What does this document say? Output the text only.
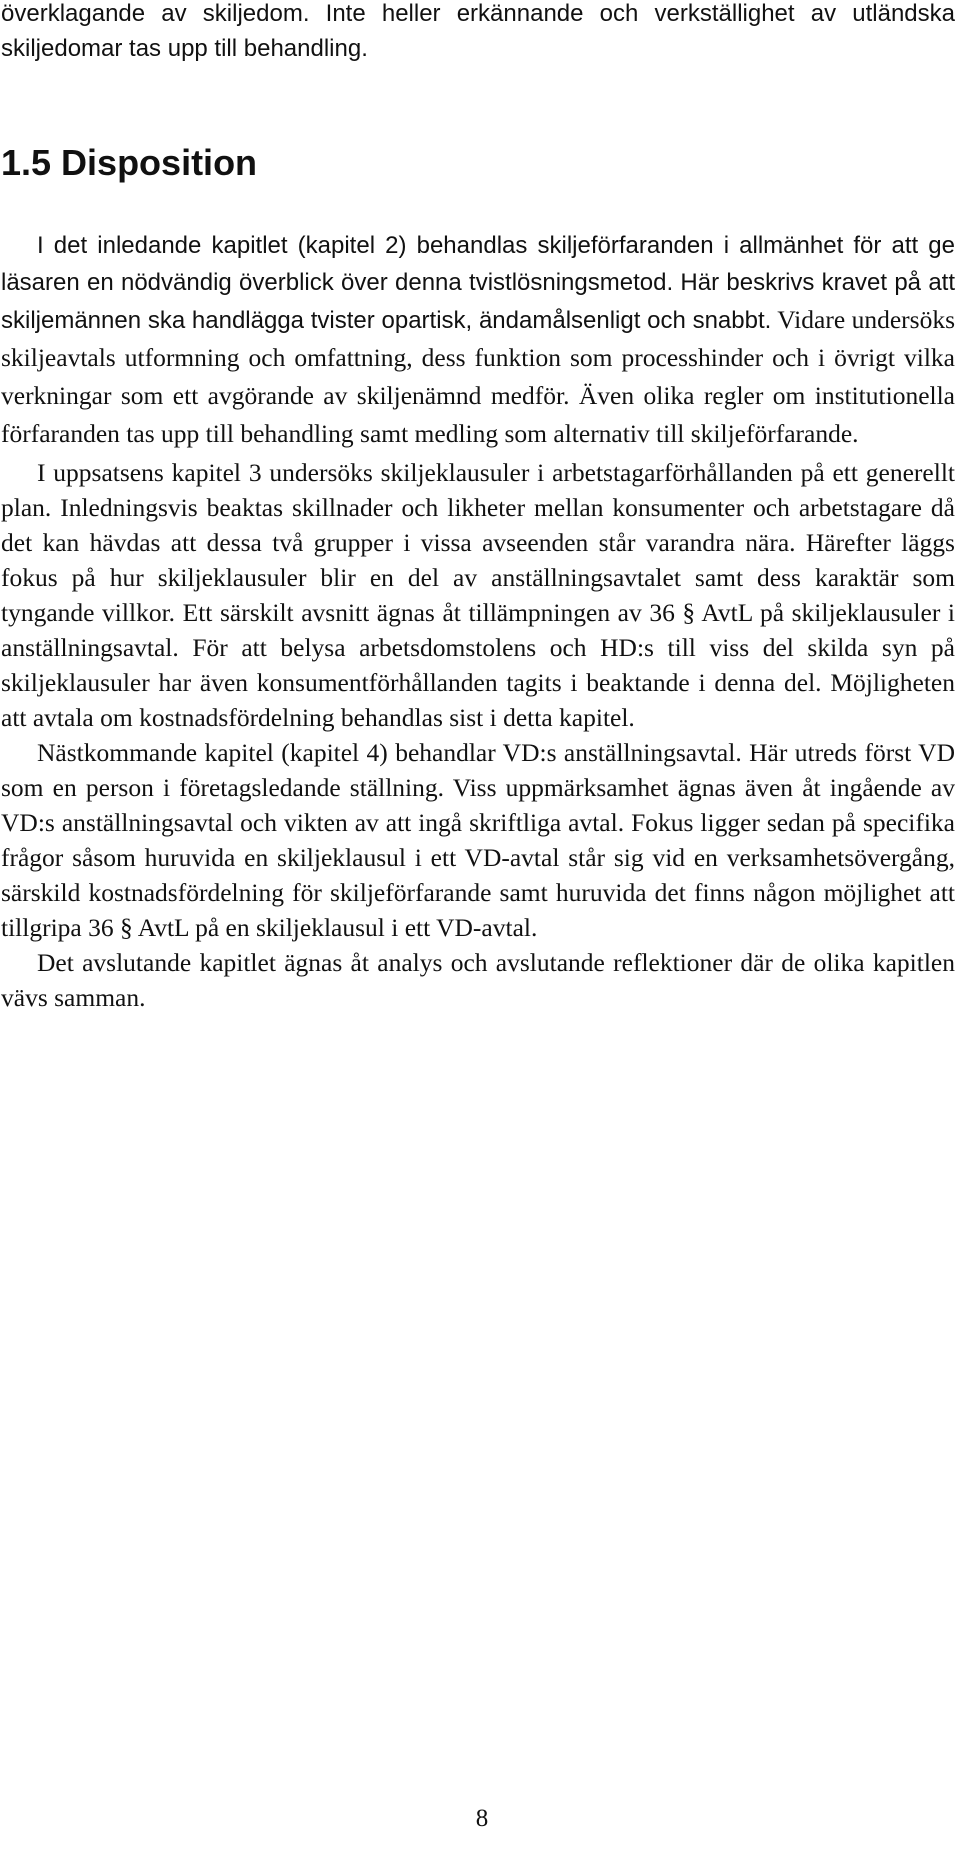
överklagande av skiljedom. Inte heller erkännande och verkställighet av utländska skiljedomar tas upp till behandling.

1.5 Disposition

I det inledande kapitlet (kapitel 2) behandlas skiljeförfaranden i allmänhet för att ge läsaren en nödvändig överblick över denna tvistlösningsmetod. Här beskrivs kravet på att skiljemännen ska handlägga tvister opartisk, ändamålsenligt och snabbt. Vidare undersöks skiljeavtals utformning och omfattning, dess funktion som processhinder och i övrigt vilka verkningar som ett avgörande av skiljenämnd medför. Även olika regler om institutionella förfaranden tas upp till behandling samt medling som alternativ till skiljeförfarande.

I uppsatsens kapitel 3 undersöks skiljeklausuler i arbetstagarförhållanden på ett generellt plan. Inledningsvis beaktas skillnader och likheter mellan konsumenter och arbetstagare då det kan hävdas att dessa två grupper i vissa avseenden står varandra nära. Härefter läggs fokus på hur skiljeklausuler blir en del av anställningsavtalet samt dess karaktär som tyngande villkor. Ett särskilt avsnitt ägnas åt tillämpningen av 36 § AvtL på skiljeklausuler i anställningsavtal. För att belysa arbetsdomstolens och HD:s till viss del skilda syn på skiljeklausuler har även konsumentförhållanden tagits i beaktande i denna del. Möjligheten att avtala om kostnadsfördelning behandlas sist i detta kapitel.

Nästkommande kapitel (kapitel 4) behandlar VD:s anställningsavtal. Här utreds först VD som en person i företagsledande ställning. Viss uppmärksamhet ägnas även åt ingående av VD:s anställningsavtal och vikten av att ingå skriftliga avtal. Fokus ligger sedan på specifika frågor såsom huruvida en skiljeklausul i ett VD-avtal står sig vid en verksamhetsövergång, särskild kostnadsfördelning för skiljeförfarande samt huruvida det finns någon möjlighet att tillgripa 36 § AvtL på en skiljeklausul i ett VD-avtal.

Det avslutande kapitlet ägnas åt analys och avslutande reflektioner där de olika kapitlen vävs samman.

8
